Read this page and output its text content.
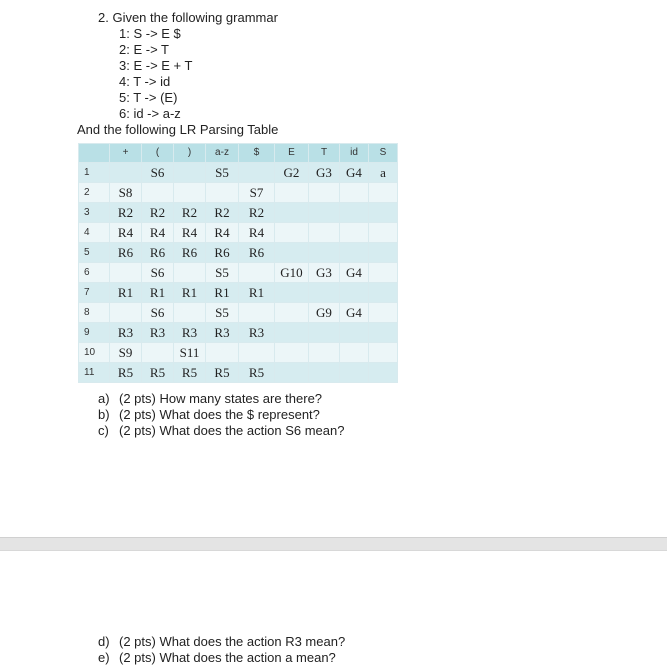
2. Given the following grammar
1: S -> E $
2: E -> T
3: E -> E + T
4: T -> id
5: T -> (E)
6: id -> a-z
And the following LR Parsing Table
	+	(	)	a-z	$	E	T	id	S
1		S6		S5		G2	G3	G4	a
2	S8				S7				
3	R2	R2	R2	R2	R2				
4	R4	R4	R4	R4	R4				
5	R6	R6	R6	R6	R6				
6		S6		S5		G10	G3	G4	
7	R1	R1	R1	R1	R1				
8		S6		S5			G9	G4	
9	R3	R3	R3	R3	R3				
10	S9		S11						
11	R5	R5	R5	R5	R5				
a) (2 pts) How many states are there?
b) (2 pts) What does the $ represent?
c) (2 pts) What does the action S6 mean?
d) (2 pts) What does the action R3 mean?
e) (2 pts) What does the action a mean?
